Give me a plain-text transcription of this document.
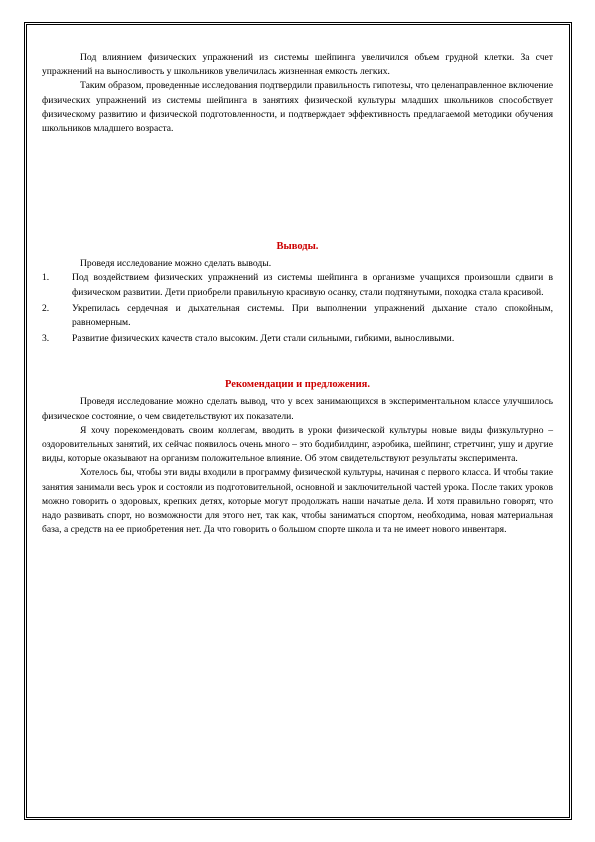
Под влиянием физических упражнений из системы шейпинга увеличился объем грудной клетки. За счет упражнений на выносливость у школьников увеличилась жизненная емкость легких.

Таким образом, проведенные исследования подтвердили правильность гипотезы, что целенаправленное включение физических упражнений из системы шейпинга в занятиях физической культуры младших школьников способствует физическому развитию и физической подготовленности, и подтверждает эффективность предлагаемой методики обучения школьников младшего возраста.

Выводы.

Проведя исследование можно сделать выводы.

1. Под воздействием физических упражнений из системы шейпинга в организме учащихся произошли сдвиги в физическом развитии. Дети приобрели правильную красивую осанку, стали подтянутыми, походка стала красивой.
2. Укрепилась сердечная и дыхательная системы. При выполнении упражнений дыхание стало спокойным, равномерным.
3. Развитие физических качеств стало высоким. Дети стали сильными, гибкими, выносливыми.
Рекомендации и предложения.

Проведя исследование можно сделать вывод, что у всех занимающихся в экспериментальном классе улучшилось физическое состояние, о чем свидетельствуют их показатели.

Я хочу порекомендовать своим коллегам, вводить в уроки физической культуры новые виды физкультурно – оздоровительных занятий, их сейчас появилось очень много – это бодибилдинг, аэробика, шейпинг, стретчинг, ушу и другие виды, которые оказывают на организм положительное влияние. Об этом свидетельствуют результаты эксперимента.

Хотелось бы, чтобы эти виды входили в программу физической культуры, начиная с первого класса. И чтобы такие занятия занимали весь урок и состояли из подготовительной, основной и заключительной частей урока. После таких уроков можно говорить о здоровых, крепких детях, которые могут продолжать наши начатые дела. И хотя правильно говорят, что надо развивать спорт, но возможности для этого нет, так как, чтобы заниматься спортом, необходима, новая материальная база, а средств на ее приобретения нет. Да что говорить о большом спорте школа и та не имеет нового инвентаря.
